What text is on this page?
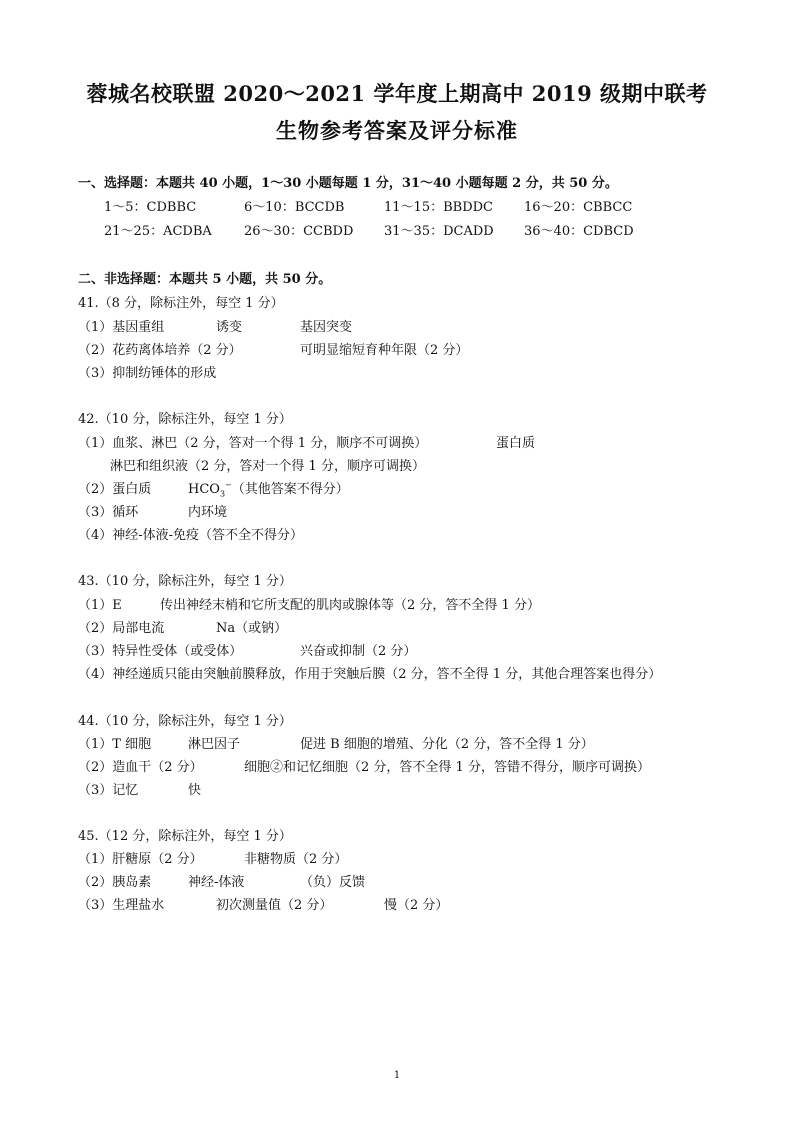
蓉城名校联盟 2020～2021 学年度上期高中 2019 级期中联考
生物参考答案及评分标准
一、选择题：本题共 40 小题，1～30 小题每题 1 分，31～40 小题每题 2 分，共 50 分。
1～5：CDBBC	6～10：BCCDB	11～15：BBDDC 16～20：CBBCC
21～25：ACDBA 26～30：CCBDD 31～35：DCADD 36～40：CDBCD
二、非选择题：本题共 5 小题，共 50 分。
41.（8 分，除标注外，每空 1 分）
（1）基因重组	诱变	基因突变
（2）花药离体培养（2 分）	可明显缩短育种年限（2 分）
（3）抑制纺锤体的形成
42.（10 分，除标注外，每空 1 分）
（1）血浆、淋巴（2 分，答对一个得 1 分，顺序不可调换）	蛋白质
淋巴和组织液（2 分，答对一个得 1 分，顺序可调换）
（2）蛋白质	$HCO_3^-$（其他答案不得分）
（3）循环	内环境
（4）神经-体液-免疫（答不全不得分）
43.（10 分，除标注外，每空 1 分）
（1）E	传出神经末梢和它所支配的肌肉或腺体等（2 分，答不全得 1 分）
（2）局部电流	Na（或钠）
（3）特异性受体（或受体）	兴奋或抑制（2 分）
（4）神经递质只能由突触前膜释放，作用于突触后膜（2 分，答不全得 1 分，其他合理答案也得分）
44.（10 分，除标注外，每空 1 分）
（1）T 细胞	淋巴因子	促进 B 细胞的增殖、分化（2 分，答不全得 1 分）
（2）造血干（2 分）	细胞②和记忆细胞（2 分，答不全得 1 分，答错不得分，顺序可调换）
（3）记忆	快
45.（12 分，除标注外，每空 1 分）
（1）肝糖原（2 分）	非糖物质（2 分）
（2）胰岛素	神经-体液	（负）反馈
（3）生理盐水	初次测量值（2 分）	慢（2 分）
1
